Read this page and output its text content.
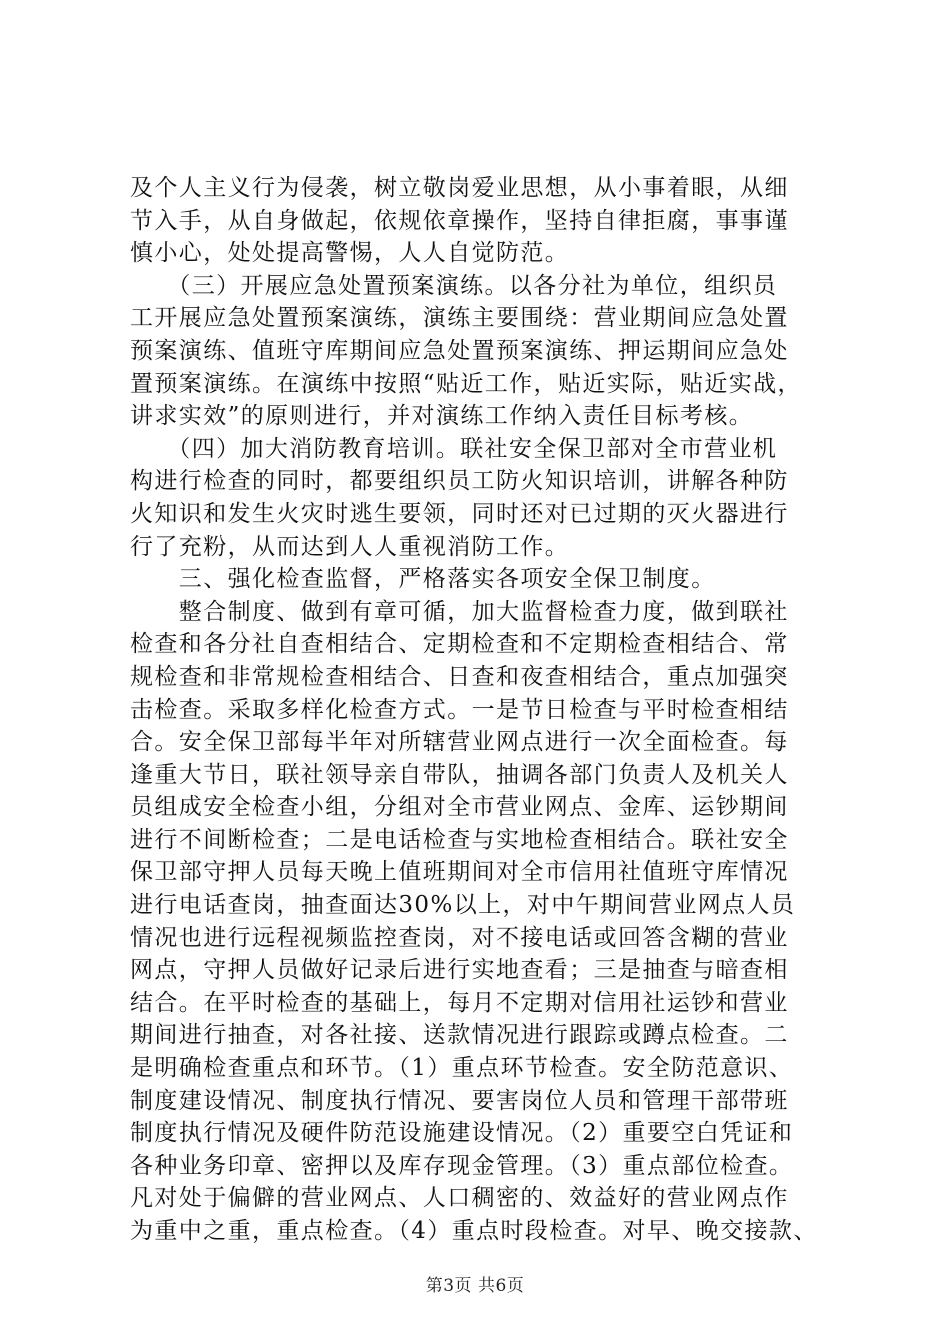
及个人主义行为侵袭，树立敬岗爱业思想，从小事着眼，从细
节入手，从自身做起，依规依章操作，坚持自律拒腐，事事谨
慎小心，处处提高警惕，人人自觉防范。
　　（三）开展应急处置预案演练。以各分社为单位，组织员
工开展应急处置预案演练，演练主要围绕：营业期间应急处置
预案演练、值班守库期间应急处置预案演练、押运期间应急处
置预案演练。在演练中按照“贴近工作，贴近实际，贴近实战，
讲求实效”的原则进行，并对演练工作纳入责任目标考核。
　　（四）加大消防教育培训。联社安全保卫部对全市营业机
构进行检查的同时，都要组织员工防火知识培训，讲解各种防
火知识和发生火灾时逃生要领，同时还对已过期的灭火器进行
行了充粉，从而达到人人重视消防工作。
　　三、强化检查监督，严格落实各项安全保卫制度。
　　整合制度、做到有章可循，加大监督检查力度，做到联社
检查和各分社自查相结合、定期检查和不定期检查相结合、常
规检查和非常规检查相结合、日查和夜查相结合，重点加强突
击检查。采取多样化检查方式。一是节日检查与平时检查相结
合。安全保卫部每半年对所辖营业网点进行一次全面检查。每
逢重大节日，联社领导亲自带队，抽调各部门负责人及机关人
员组成安全检查小组，分组对全市营业网点、金库、运钞期间
进行不间断检查；二是电话检查与实地检查相结合。联社安全
保卫部守押人员每天晚上值班期间对全市信用社值班守库情况
进行电话查岗，抽查面达30%以上，对中午期间营业网点人员
情况也进行远程视频监控查岗，对不接电话或回答含糊的营业
网点，守押人员做好记录后进行实地查看；三是抽查与暗查相
结合。在平时检查的基础上，每月不定期对信用社运钞和营业
期间进行抽查，对各社接、送款情况进行跟踪或蹲点检查。二
是明确检查重点和环节。（1）重点环节检查。安全防范意识、
制度建设情况、制度执行情况、要害岗位人员和管理干部带班
制度执行情况及硬件防范设施建设情况。（2）重要空白凭证和
各种业务印章、密押以及库存现金管理。（3）重点部位检查。
凡对处于偏僻的营业网点、人口稠密的、效益好的营业网点作
为重中之重，重点检查。（4）重点时段检查。对早、晚交接款、
第3页 共6页
